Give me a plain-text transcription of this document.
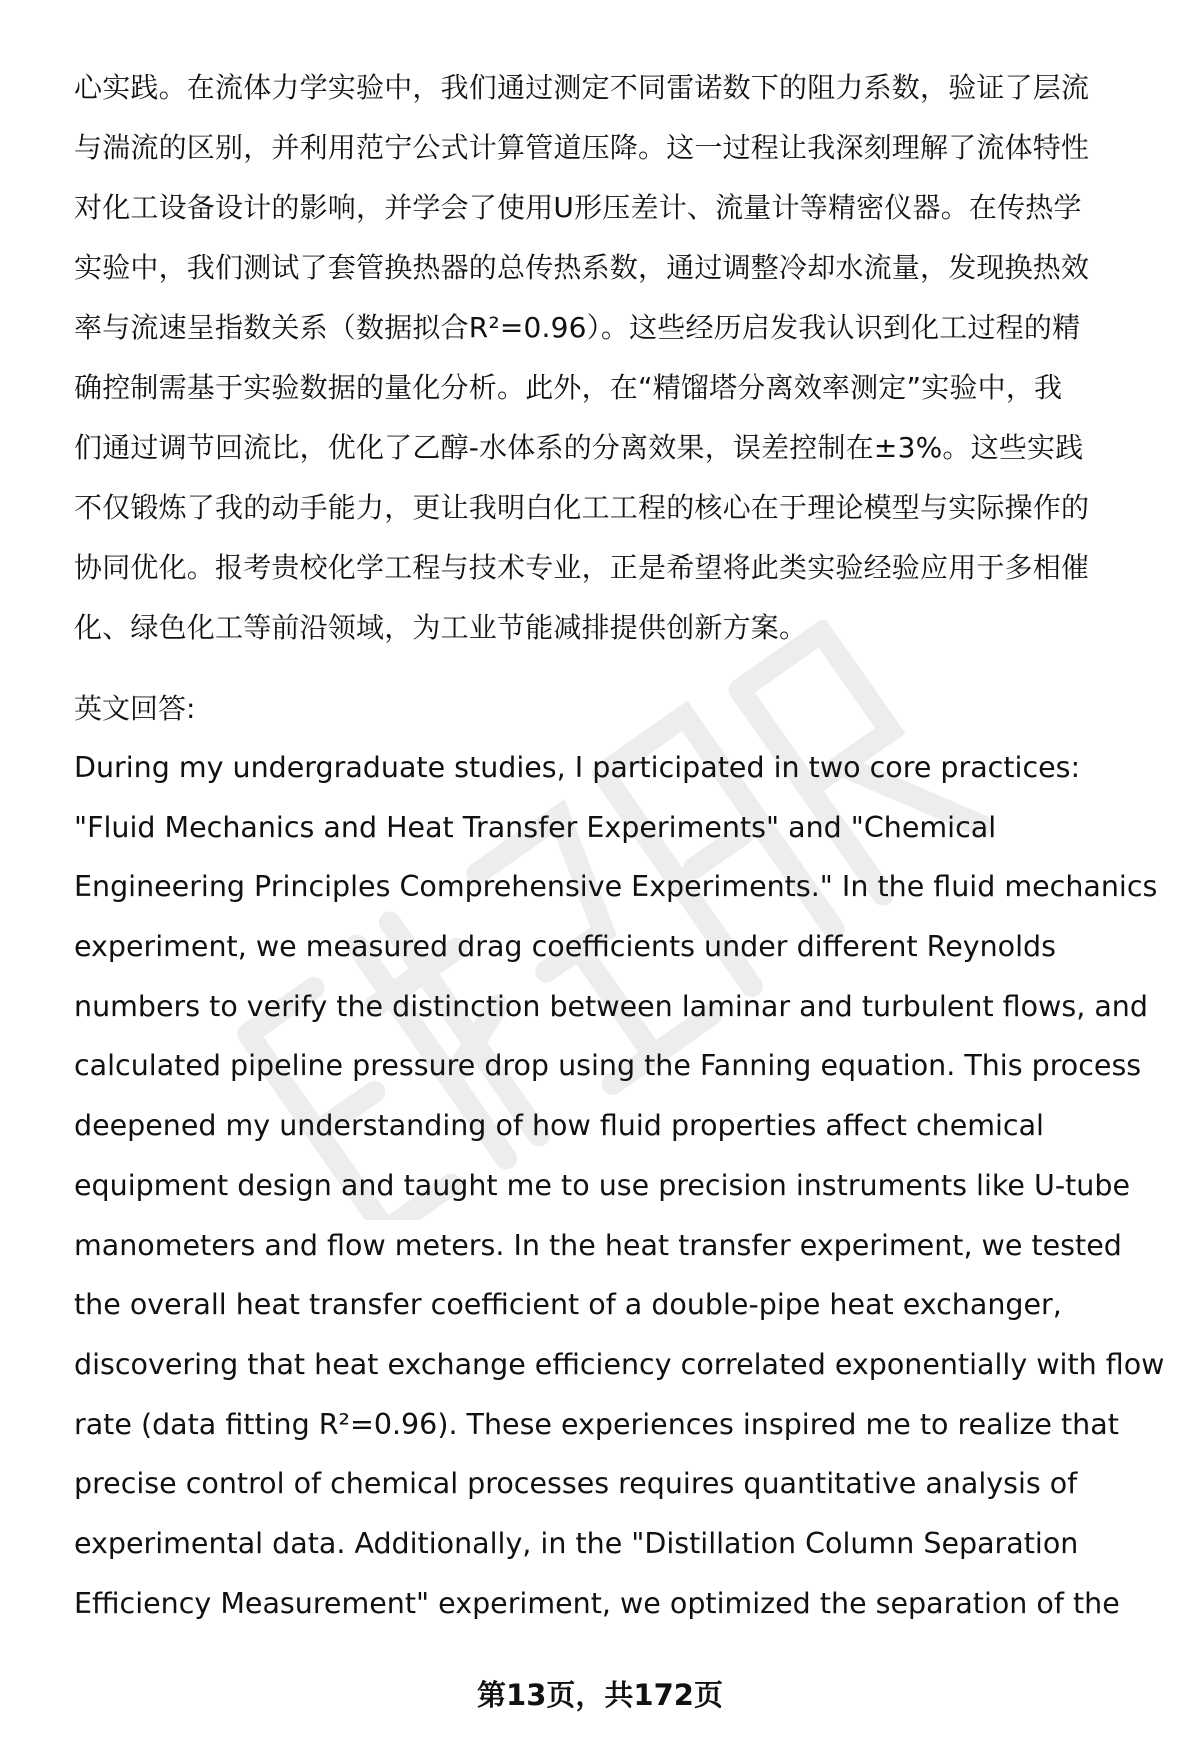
心实践。在流体力学实验中，我们通过测定不同雷诺数下的阻力系数，验证了层流
与湍流的区别，并利用范宁公式计算管道压降。这一过程让我深刻理解了流体特性
对化工设备设计的影响，并学会了使用U形压差计、流量计等精密仪器。在传热学
实验中，我们测试了套管换热器的总传热系数，通过调整冷却水流量，发现换热效
率与流速呈指数关系（数据拟合R²=0.96）。这些经历启发我认识到化工过程的精
确控制需基于实验数据的量化分析。此外，在“精馏塔分离效率测定”实验中，我
们通过调节回流比，优化了乙醇-水体系的分离效果，误差控制在±3%。这些实践
不仅锻炼了我的动手能力，更让我明白化工工程的核心在于理论模型与实际操作的
协同优化。报考贵校化学工程与技术专业，正是希望将此类实验经验应用于多相催
化、绿色化工等前沿领域，为工业节能减排提供创新方案。
英文回答:
During my undergraduate studies, I participated in two core practices:
"Fluid Mechanics and Heat Transfer Experiments" and "Chemical
Engineering Principles Comprehensive Experiments." In the fluid mechanics
experiment, we measured drag coefficients under different Reynolds
numbers to verify the distinction between laminar and turbulent flows, and
calculated pipeline pressure drop using the Fanning equation. This process
deepened my understanding of how fluid properties affect chemical
equipment design and taught me to use precision instruments like U-tube
manometers and flow meters. In the heat transfer experiment, we tested
the overall heat transfer coefficient of a double-pipe heat exchanger,
discovering that heat exchange efficiency correlated exponentially with flow
rate (data fitting R²=0.96). These experiences inspired me to realize that
precise control of chemical processes requires quantitative analysis of
experimental data. Additionally, in the "Distillation Column Separation
Efficiency Measurement" experiment, we optimized the separation of the
第13页，共172页
